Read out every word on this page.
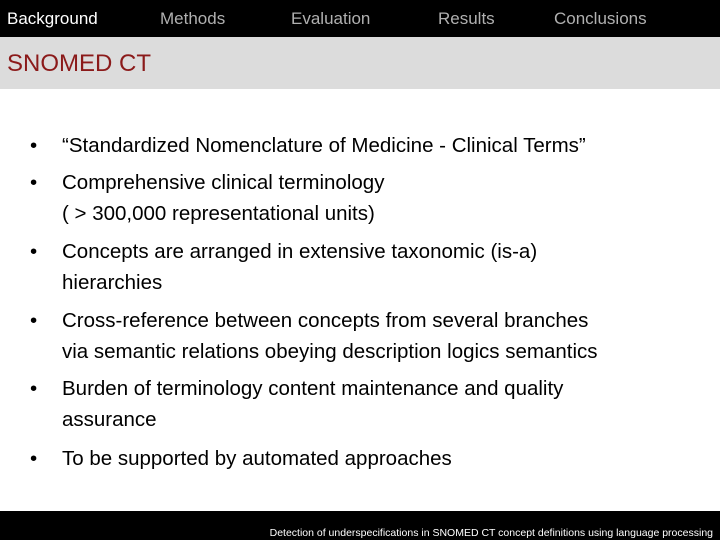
Background	Methods	Evaluation	Results	Conclusions
SNOMED CT
•	“Standardized Nomenclature of Medicine - Clinical Terms”
•	Comprehensive clinical terminology
( > 300,000 representational units)
•	Concepts are arranged in extensive taxonomic (is-a)
hierarchies
•	Cross-reference between concepts from several branches
via semantic relations obeying description logics semantics
•	Burden of terminology content maintenance and quality
assurance
•	To be supported by automated approaches
Detection of underspecifications in SNOMED CT concept definitions using language processing
